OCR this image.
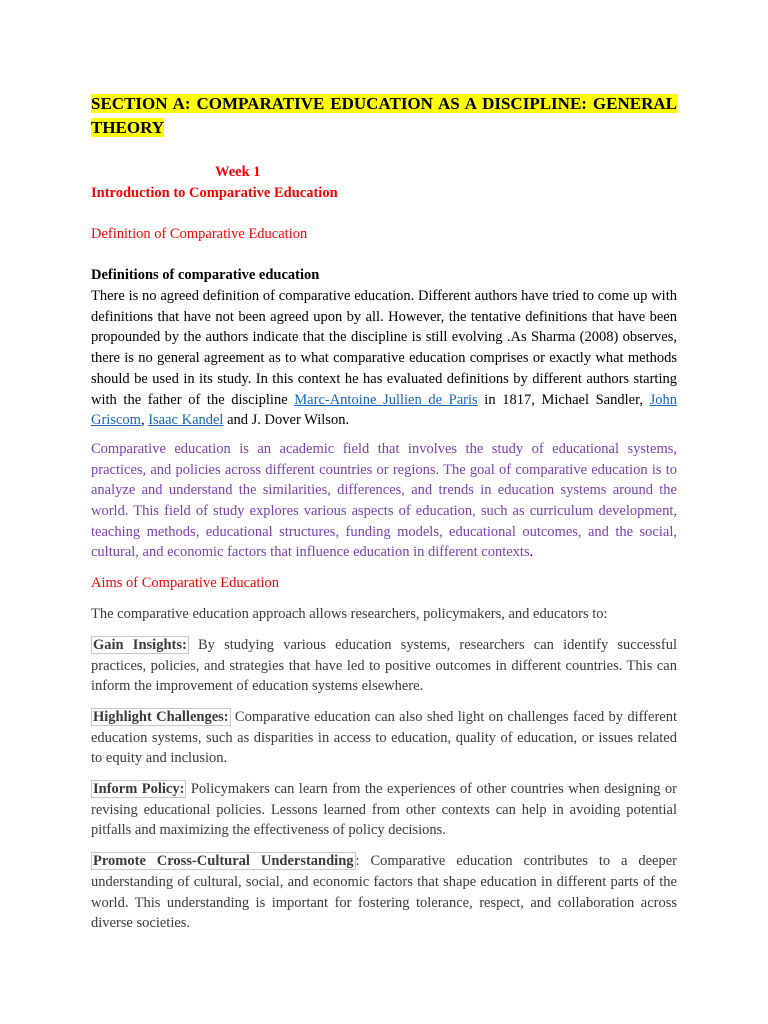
SECTION A: COMPARATIVE EDUCATION AS A DISCIPLINE: GENERAL THEORY

Week 1

Introduction to Comparative Education

Definition of Comparative Education

Definitions of comparative education

There is no agreed definition of comparative education. Different authors have tried to come up with definitions that have not been agreed upon by all. However, the tentative definitions that have been propounded by the authors indicate that the discipline is still evolving .As Sharma (2008) observes, there is no general agreement as to what comparative education comprises or exactly what methods should be used in its study. In this context he has evaluated definitions by different authors starting with the father of the discipline Marc-Antoine Jullien de Paris in 1817, Michael Sandler, John Griscom, Isaac Kandel and J. Dover Wilson.

Comparative education is an academic field that involves the study of educational systems, practices, and policies across different countries or regions. The goal of comparative education is to analyze and understand the similarities, differences, and trends in education systems around the world. This field of study explores various aspects of education, such as curriculum development, teaching methods, educational structures, funding models, educational outcomes, and the social, cultural, and economic factors that influence education in different contexts.

Aims of Comparative Education

The comparative education approach allows researchers, policymakers, and educators to:

Gain Insights: By studying various education systems, researchers can identify successful practices, policies, and strategies that have led to positive outcomes in different countries. This can inform the improvement of education systems elsewhere.

Highlight Challenges: Comparative education can also shed light on challenges faced by different education systems, such as disparities in access to education, quality of education, or issues related to equity and inclusion.

Inform Policy: Policymakers can learn from the experiences of other countries when designing or revising educational policies. Lessons learned from other contexts can help in avoiding potential pitfalls and maximizing the effectiveness of policy decisions.

Promote Cross-Cultural Understanding : Comparative education contributes to a deeper understanding of cultural, social, and economic factors that shape education in different parts of the world. This understanding is important for fostering tolerance, respect, and collaboration across diverse societies.
